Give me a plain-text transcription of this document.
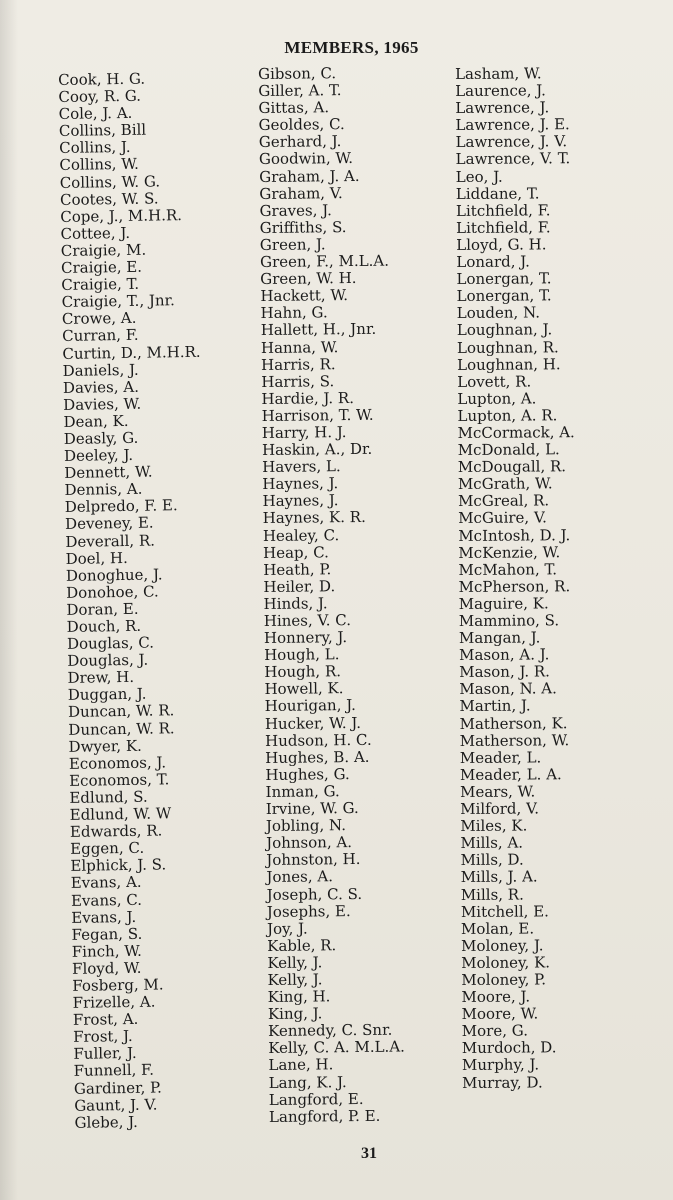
MEMBERS, 1965
Cook, H. G.
Cooy, R. G.
Cole, J. A.
Collins, Bill
Collins, J.
Collins, W.
Collins, W. G.
Cootes, W. S.
Cope, J., M.H.R.
Cottee, J.
Craigie, M.
Craigie, E.
Craigie, T.
Craigie, T., Jnr.
Crowe, A.
Curran, F.
Curtin, D., M.H.R.
Daniels, J.
Davies, A.
Davies, W.
Dean, K.
Deasly, G.
Deeley, J.
Dennett, W.
Dennis, A.
Delpredo, F. E.
Deveney, E.
Deverall, R.
Doel, H.
Donoghue, J.
Donohoe, C.
Doran, E.
Douch, R.
Douglas, C.
Douglas, J.
Drew, H.
Duggan, J.
Duncan, W. R.
Duncan, W. R.
Dwyer, K.
Economos, J.
Economos, T.
Edlund, S.
Edlund, W. W
Edwards, R.
Eggen, C.
Elphick, J. S.
Evans, A.
Evans, C.
Evans, J.
Fegan, S.
Finch, W.
Floyd, W.
Fosberg, M.
Frizelle, A.
Frost, A.
Frost, J.
Fuller, J.
Funnell, F.
Gardiner, P.
Gaunt, J. V.
Glebe, J.
Gibson, C.
Giller, A. T.
Gittas, A.
Geoldes, C.
Gerhard, J.
Goodwin, W.
Graham, J. A.
Graham, V.
Graves, J.
Griffiths, S.
Green, J.
Green, F., M.L.A.
Green, W. H.
Hackett, W.
Hahn, G.
Hallett, H., Jnr.
Hanna, W.
Harris, R.
Harris, S.
Hardie, J. R.
Harrison, T. W.
Harry, H. J.
Haskin, A., Dr.
Havers, L.
Haynes, J.
Haynes, J.
Haynes, K. R.
Healey, C.
Heap, C.
Heath, P.
Heiler, D.
Hinds, J.
Hines, V. C.
Honnery, J.
Hough, L.
Hough, R.
Howell, K.
Hourigan, J.
Hucker, W. J.
Hudson, H. C.
Hughes, B. A.
Hughes, G.
Inman, G.
Irvine, W. G.
Jobling, N.
Johnson, A.
Johnston, H.
Jones, A.
Joseph, C. S.
Josephs, E.
Joy, J.
Kable, R.
Kelly, J.
Kelly, J.
King, H.
King, J.
Kennedy, C. Snr.
Kelly, C. A. M.L.A.
Lane, H.
Lang, K. J.
Langford, E.
Langford, P. E.
Lasham, W.
Laurence, J.
Lawrence, J.
Lawrence, J. E.
Lawrence, J. V.
Lawrence, V. T.
Leo, J.
Liddane, T.
Litchfield, F.
Litchfield, F.
Lloyd, G. H.
Lonard, J.
Lonergan, T.
Lonergan, T.
Louden, N.
Loughnan, J.
Loughnan, R.
Loughnan, H.
Lovett, R.
Lupton, A.
Lupton, A. R.
McCormack, A.
McDonald, L.
McDougall, R.
McGrath, W.
McGreal, R.
McGuire, V.
McIntosh, D. J.
McKenzie, W.
McMahon, T.
McPherson, R.
Maguire, K.
Mammino, S.
Mangan, J.
Mason, A. J.
Mason, J. R.
Mason, N. A.
Martin, J.
Matherson, K.
Matherson, W.
Meader, L.
Meader, L. A.
Mears, W.
Milford, V.
Miles, K.
Mills, A.
Mills, D.
Mills, J. A.
Mills, R.
Mitchell, E.
Molan, E.
Moloney, J.
Moloney, K.
Moloney, P.
Moore, J.
Moore, W.
More, G.
Murdoch, D.
Murphy, J.
Murray, D.
31
